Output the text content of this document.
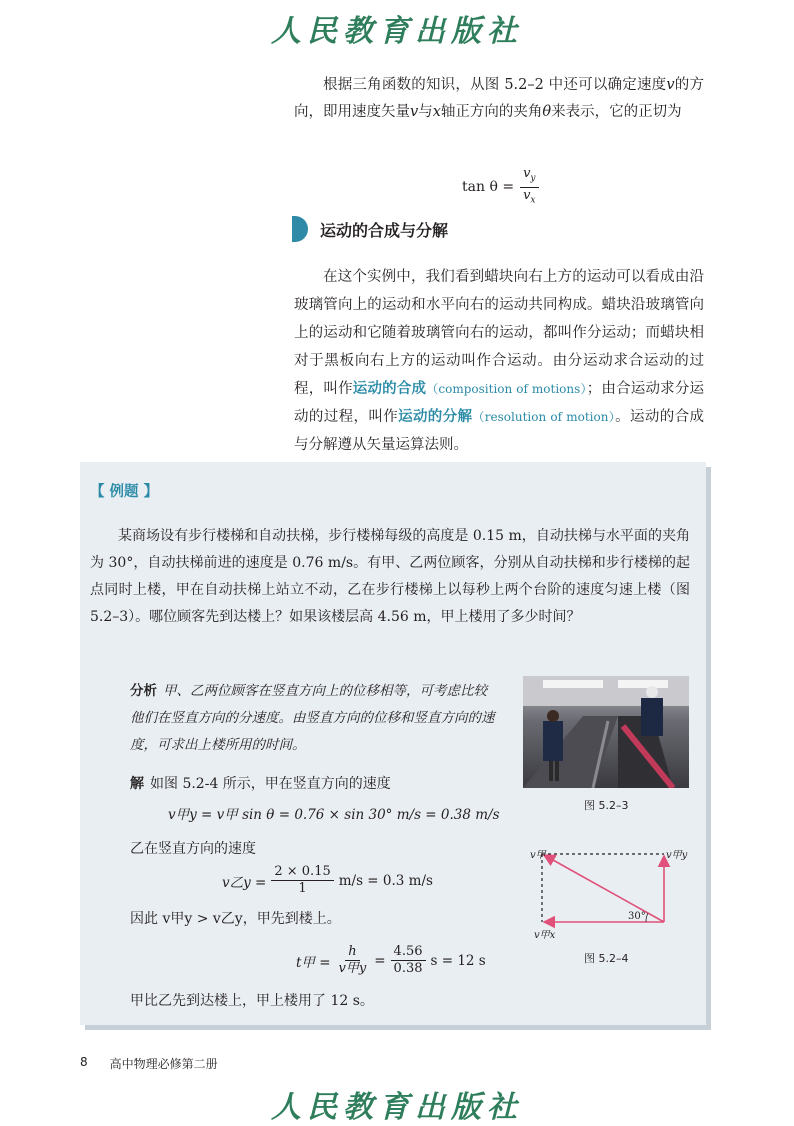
人民教育出版社

根据三角函数的知识，从图 5.2–2 中还可以确定速度v的方向，即用速度矢量v与x轴正方向的夹角θ来表示，它的正切为

$\tan \theta = \frac{v_y}{v_x}$
运动的合成与分解

在这个实例中，我们看到蜡块向右上方的运动可以看成由沿玻璃管向上的运动和水平向右的运动共同构成。蜡块沿玻璃管向上的运动和它随着玻璃管向右的运动，都叫作分运动；而蜡块相对于黑板向右上方的运动叫作合运动。由分运动求合运动的过程，叫作运动的合成（composition of motions）；由合运动求分运动的过程，叫作运动的分解（resolution of motion）。运动的合成与分解遵从矢量运算法则。

【 例题 】

某商场设有步行楼梯和自动扶梯，步行楼梯每级的高度是 0.15 m，自动扶梯与水平面的夹角为 30°，自动扶梯前进的速度是 0.76 m/s。有甲、乙两位顾客，分别从自动扶梯和步行楼梯的起点同时上楼，甲在自动扶梯上站立不动，乙在步行楼梯上以每秒上两个台阶的速度匀速上楼（图 5.2–3）。哪位顾客先到达楼上？如果该楼层高 4.56 m，甲上楼用了多少时间？

分析 甲、乙两位顾客在竖直方向上的位移相等，可考虑比较他们在竖直方向的分速度。由竖直方向的位移和竖直方向的速度，可求出上楼所用的时间。
解 如图 5.2-4 所示，甲在竖直方向的速度
v甲y = v甲 sin θ = 0.76 × sin 30° m/s = 0.38 m/s
乙在竖直方向的速度
v乙$y = \frac{2 \times 0.15}{1} m/s = 0.3$ m/s
因此 v甲y > v乙y，甲先到楼上。
t甲 = $\frac{h}{\text{v甲y}} = \frac{4.56}{0.38}$ s = 12 s
甲比乙先到达楼上，甲上楼用了 12 s。
图 5.2–3
v甲	v甲y
v甲x
30°
图 5.2–4
8 高中物理必修第二册
人民教育出版社
